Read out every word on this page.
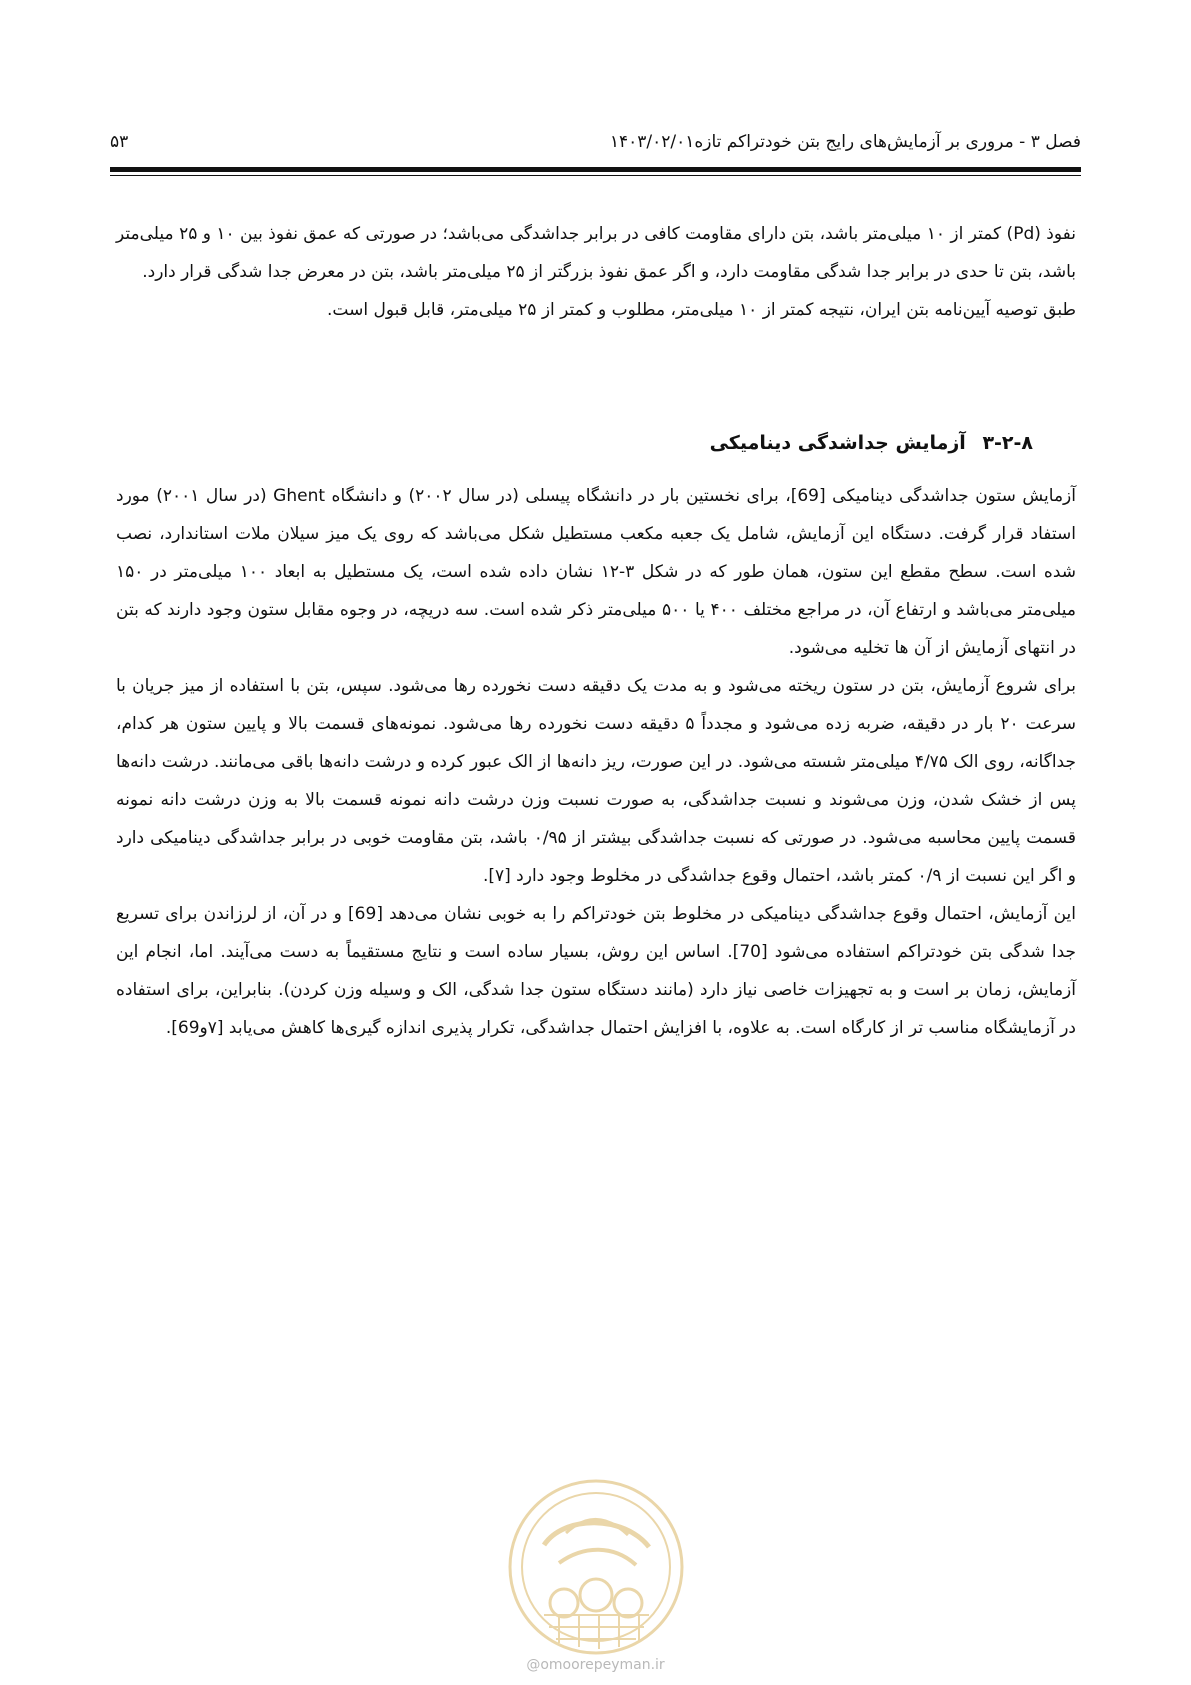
فصل ۳ - مروری بر آزمایش‌های رایج بتن خودتراکم تازه۱۴۰۳/۰۲/۰۱
۵۳

نفوذ (Pd) کمتر از ۱۰ میلی‌متر باشد، بتن دارای مقاومت کافی در برابر جداشدگی می‌باشد؛ در صورتی که عمق نفوذ بین ۱۰ و ۲۵ میلی‌متر باشد، بتن تا حدی در برابر جدا شدگی مقاومت دارد، و اگر عمق نفوذ بزرگتر از ۲۵ میلی‌متر باشد، بتن در معرض جدا شدگی قرار دارد.

طبق توصیه آیین‌نامه بتن ایران، نتیجه کمتر از ۱۰ میلی‌متر، مطلوب و کمتر از ۲۵ میلی‌متر، قابل قبول است.

۳-۲-۸ آزمایش جداشدگی دینامیکی

آزمایش ستون جداشدگی دینامیکی [69]، برای نخستین بار در دانشگاه پیسلی (در سال ۲۰۰۲) و دانشگاه Ghent (در سال ۲۰۰۱) مورد استفاد قرار گرفت. دستگاه این آزمایش، شامل یک جعبه مکعب مستطیل شکل می‌باشد که روی یک میز سیلان ملات استاندارد، نصب شده است. سطح مقطع این ستون، همان طور که در شکل ۳-۱۲ نشان داده شده است، یک مستطیل به ابعاد ۱۰۰ میلی‌متر در ۱۵۰ میلی‌متر می‌باشد و ارتفاع آن، در مراجع مختلف ۴۰۰ یا ۵۰۰ میلی‌متر ذکر شده است. سه دریچه، در وجوه مقابل ستون وجود دارند که بتن در انتهای آزمایش از آن ها تخلیه می‌شود.

برای شروع آزمایش، بتن در ستون ریخته می‌شود و به مدت یک دقیقه دست نخورده رها می‌شود. سپس، بتن با استفاده از میز جریان با سرعت ۲۰ بار در دقیقه، ضربه زده می‌شود و مجدداً ۵ دقیقه دست نخورده رها می‌شود. نمونه‌های قسمت بالا و پایین ستون هر کدام، جداگانه، روی الک ۴/۷۵ میلی‌متر شسته می‌شود. در این صورت، ریز دانه‌ها از الک عبور کرده و درشت دانه‌ها باقی می‌مانند. درشت دانه‌ها پس از خشک شدن، وزن می‌شوند و نسبت جداشدگی، به صورت نسبت وزن درشت دانه نمونه قسمت بالا به وزن درشت دانه نمونه قسمت پایین محاسبه می‌شود. در صورتی که نسبت جداشدگی بیشتر از ۰/۹۵ باشد، بتن مقاومت خوبی در برابر جداشدگی دینامیکی دارد و اگر این نسبت از ۰/۹ کمتر باشد، احتمال وقوع جداشدگی در مخلوط وجود دارد [۷].

این آزمایش، احتمال وقوع جداشدگی دینامیکی در مخلوط بتن خودتراکم را به خوبی نشان می‌دهد [69] و در آن، از لرزاندن برای تسریع جدا شدگی بتن خودتراکم استفاده می‌شود [70]. اساس این روش، بسیار ساده است و نتایج مستقیماً به دست می‌آیند. اما، انجام این آزمایش، زمان بر است و به تجهیزات خاصی نیاز دارد (مانند دستگاه ستون جدا شدگی، الک و وسیله وزن کردن). بنابراین، برای استفاده در آزمایشگاه مناسب تر از کارگاه است. به علاوه، با افزایش احتمال جداشدگی، تکرار پذیری اندازه گیری‌ها کاهش می‌یابد [۷و69].

@omoorepeyman.ir
